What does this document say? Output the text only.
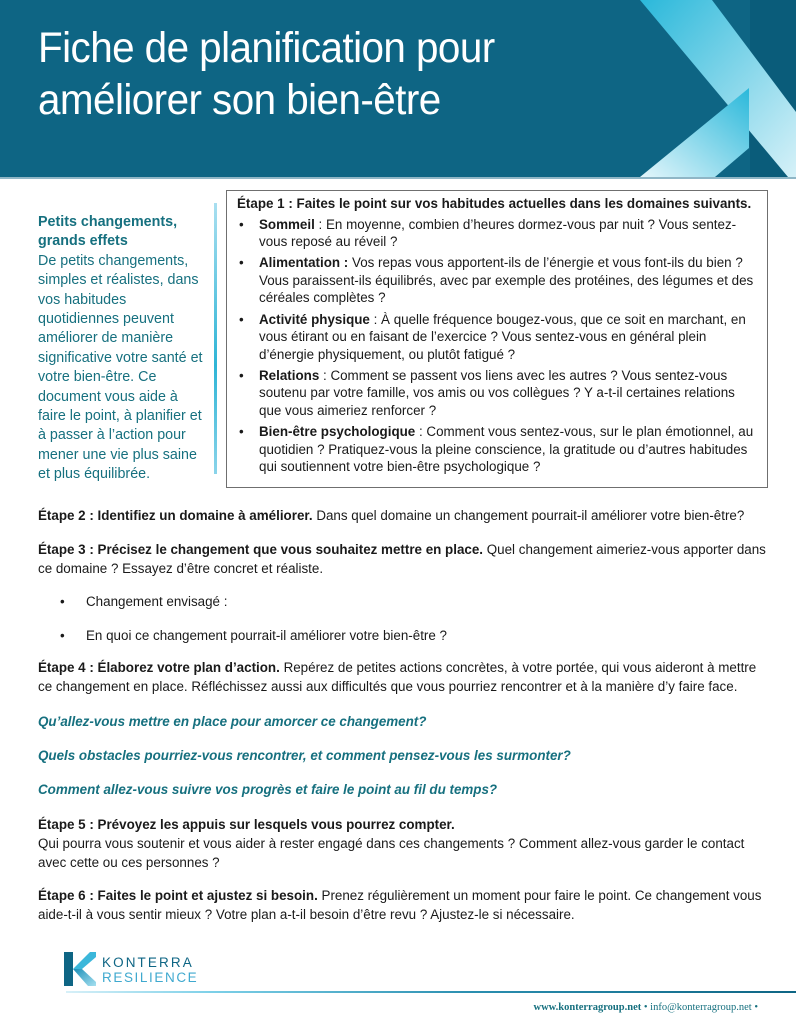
Fiche de planification pour
améliorer son bien-être
Petits changements,
grands effets
De petits changements, simples et réalistes, dans vos habitudes quotidiennes peuvent améliorer de manière significative votre santé et votre bien-être. Ce document vous aide à faire le point, à planifier et à passer à l’action pour mener une vie plus saine et plus équilibrée.
Étape 1 : Faites le point sur vos habitudes actuelles dans les domaines suivants.
• Sommeil : En moyenne, combien d’heures dormez-vous par nuit ? Vous sentez-vous reposé au réveil ?
• Alimentation : Vos repas vous apportent-ils de l’énergie et vous font-ils du bien ? Vous paraissent-ils équilibrés, avec par exemple des protéines, des légumes et des céréales complètes ?
• Activité physique : À quelle fréquence bougez-vous, que ce soit en marchant, en vous étirant ou en faisant de l’exercice ? Vous sentez-vous en général plein d’énergie physiquement, ou plutôt fatigué ?
• Relations : Comment se passent vos liens avec les autres ? Vous sentez-vous soutenu par votre famille, vos amis ou vos collègues ? Y a-t-il certaines relations que vous aimeriez renforcer ?
• Bien-être psychologique : Comment vous sentez-vous, sur le plan émotionnel, au quotidien ? Pratiquez-vous la pleine conscience, la gratitude ou d’autres habitudes qui soutiennent votre bien-être psychologique ?

Étape 2 : Identifiez un domaine à améliorer. Dans quel domaine un changement pourrait-il améliorer votre bien-être?

Étape 3 : Précisez le changement que vous souhaitez mettre en place. Quel changement aimeriez-vous apporter dans ce domaine ? Essayez d’être concret et réaliste.

• Changement envisagé :
• En quoi ce changement pourrait-il améliorer votre bien-être ?

Étape 4 : Élaborez votre plan d’action. Repérez de petites actions concrètes, à votre portée, qui vous aideront à mettre ce changement en place. Réfléchissez aussi aux difficultés que vous pourriez rencontrer et à la manière d’y faire face.

Qu’allez-vous mettre en place pour amorcer ce changement?
Quels obstacles pourriez-vous rencontrer, et comment pensez-vous les surmonter?
Comment allez-vous suivre vos progrès et faire le point au fil du temps?

Étape 5 : Prévoyez les appuis sur lesquels vous pourrez compter.

Qui pourra vous soutenir et vous aider à rester engagé dans ces changements ? Comment allez-vous garder le contact avec cette ou ces personnes ?

Étape 6 : Faites le point et ajustez si besoin. Prenez régulièrement un moment pour faire le point. Ce changement vous aide-t-il à vous sentir mieux ? Votre plan a-t-il besoin d’être revu ? Ajustez-le si nécessaire.

KONTERRA
RESILIENCE
www.konterragroup.net • info@konterragroup.net •
